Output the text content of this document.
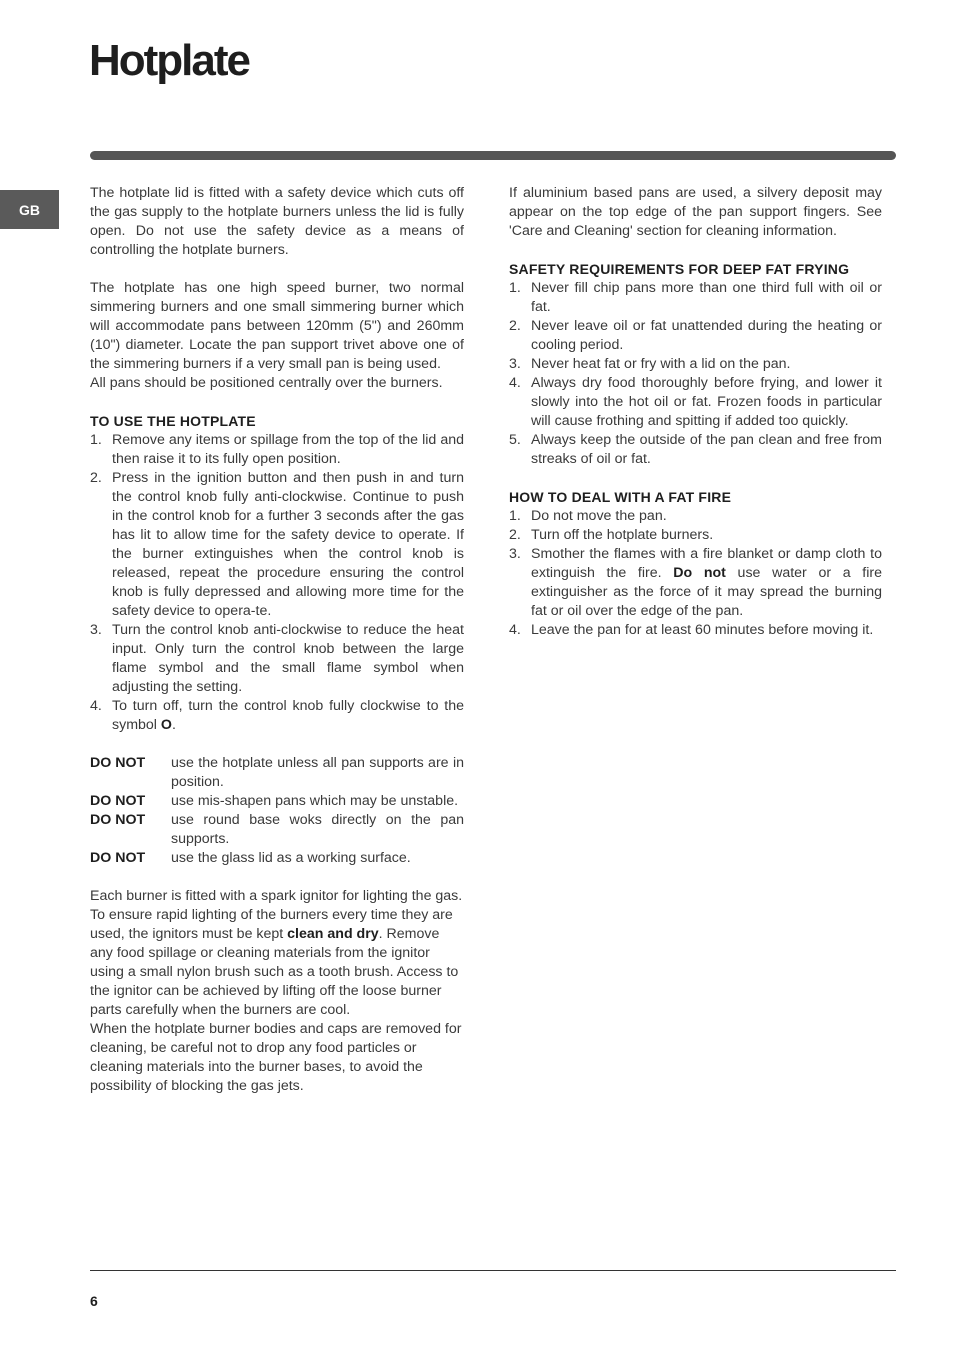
Hotplate
GB

The hotplate lid is fitted with a safety device which cuts off the gas supply to the hotplate burners unless the lid is fully open. Do not use the safety device as a means of controlling the hotplate burners.

The hotplate has one high speed burner, two normal simmering burners and one small simmering burner which will accommodate pans between 120mm (5") and 260mm (10") diameter. Locate the pan support trivet above one of the simmering burners if a very small pan is being used.

All pans should be positioned centrally over the burners.

TO USE THE HOTPLATE
1. Remove any items or spillage from the top of the lid and then raise it to its fully open position.
2. Press in the ignition button and then push in and turn the control knob fully anti-clockwise. Continue to push in the control knob for a further 3 seconds after the gas has lit to allow time for the safety device to operate. If the burner extinguishes when the control knob is released, repeat the procedure ensuring the control knob is fully depressed and allowing more time for the safety device to opera-te.
3. Turn the control knob anti-clockwise to reduce the heat input. Only turn the control knob between the large flame symbol and the small flame symbol when adjusting the setting.
4. To turn off, turn the control knob fully clockwise to the symbol O.
DO NOT	use the hotplate unless all pan supports are in position.
DO NOT	use mis-shapen pans which may be unstable.
DO NOT	use round base woks directly on the pan supports.
DO NOT	use the glass lid as a working surface.

Each burner is fitted with a spark ignitor for lighting the gas. To ensure rapid lighting of the burners every time they are used, the ignitors must be kept clean and dry. Remove any food spillage or cleaning materials from the ignitor using a small nylon brush such as a tooth brush. Access to the ignitor can be achieved by lifting off the loose burner parts carefully when the burners are cool.

When the hotplate burner bodies and caps are removed for cleaning, be careful not to drop any food particles or cleaning materials into the burner bases, to avoid the possibility of blocking the gas jets.

If aluminium based pans are used, a silvery deposit may appear on the top edge of the pan support fingers. See 'Care and Cleaning' section for cleaning information.

SAFETY REQUIREMENTS FOR DEEP FAT FRYING
1. Never fill chip pans more than one third full with oil or fat.
2. Never leave oil or fat unattended during the heating or cooling period.
3. Never heat fat or fry with a lid on the pan.
4. Always dry food thoroughly before frying, and lower it slowly into the hot oil or fat. Frozen foods in particular will cause frothing and spitting if added too quickly.
5. Always keep the outside of the pan clean and free from streaks of oil or fat.
HOW TO DEAL WITH A FAT FIRE
1. Do not move the pan.
2. Turn off the hotplate burners.
3. Smother the flames with a fire blanket or damp cloth to extinguish the fire. Do not use water or a fire extinguisher as the force of it may spread the burning fat or oil over the edge of the pan.
4. Leave the pan for at least 60 minutes before moving it.
6
